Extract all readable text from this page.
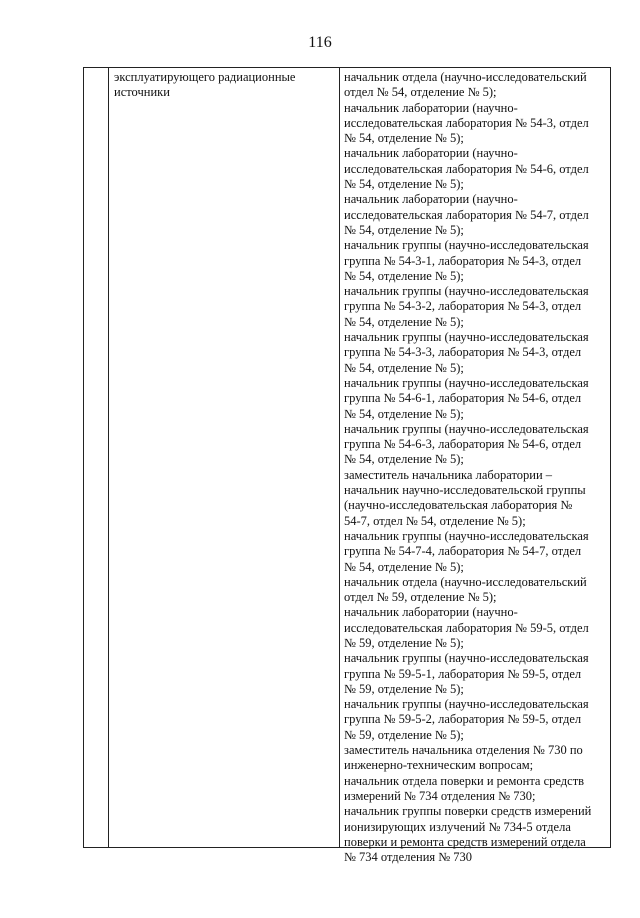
116
эксплуатирующего радиационные
источники
начальник отдела (научно-исследовательский
отдел № 54, отделение № 5);
начальник лаборатории (научно-
исследовательская лаборатория № 54-3, отдел
№ 54, отделение № 5);
начальник лаборатории (научно-
исследовательская лаборатория № 54-6, отдел
№ 54, отделение № 5);
начальник лаборатории (научно-
исследовательская лаборатория № 54-7, отдел
№ 54, отделение № 5);
начальник группы (научно-исследовательская
группа № 54-3-1, лаборатория № 54-3, отдел
№ 54, отделение № 5);
начальник группы (научно-исследовательская
группа № 54-3-2, лаборатория № 54-3, отдел
№ 54, отделение № 5);
начальник группы (научно-исследовательская
группа № 54-3-3, лаборатория № 54-3, отдел
№ 54, отделение № 5);
начальник группы (научно-исследовательская
группа № 54-6-1, лаборатория № 54-6, отдел
№ 54, отделение № 5);
начальник группы (научно-исследовательская
группа № 54-6-3, лаборатория № 54-6, отдел
№ 54, отделение № 5);
заместитель начальника лаборатории –
начальник научно-исследовательской группы
(научно-исследовательская лаборатория №
54-7, отдел № 54, отделение № 5);
начальник группы (научно-исследовательская
группа № 54-7-4, лаборатория № 54-7, отдел
№ 54, отделение № 5);
начальник отдела (научно-исследовательский
отдел № 59, отделение № 5);
начальник лаборатории (научно-
исследовательская лаборатория № 59-5, отдел
№ 59, отделение № 5);
начальник группы (научно-исследовательская
группа № 59-5-1, лаборатория № 59-5, отдел
№ 59, отделение № 5);
начальник группы (научно-исследовательская
группа № 59-5-2, лаборатория № 59-5, отдел
№ 59, отделение № 5);
заместитель начальника отделения № 730 по
инженерно-техническим вопросам;
начальник отдела поверки и ремонта средств
измерений № 734 отделения № 730;
начальник группы поверки средств измерений
ионизирующих излучений № 734-5 отдела
поверки и ремонта средств измерений отдела
№ 734 отделения № 730
